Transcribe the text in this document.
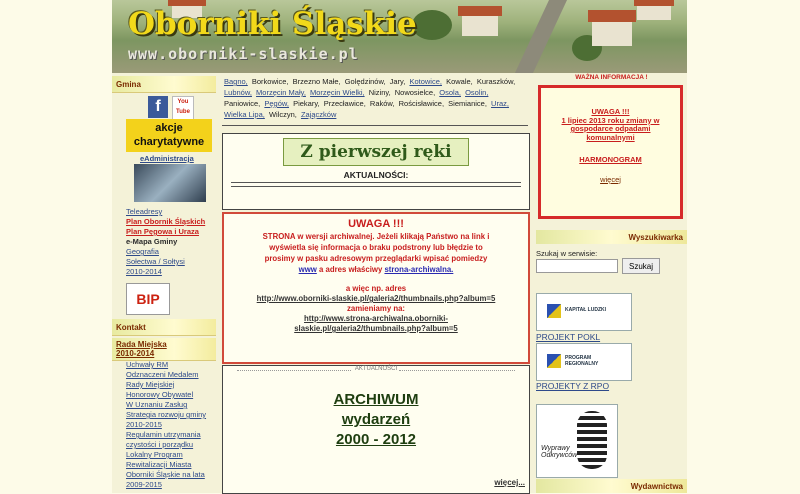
Oborniki Śląskie
www.oborniki-slaskie.pl
Gmina
f	You Tube
akcje
charytatywne
eAdministracja
Teleadresy
Plan Obornik Śląskich
Plan Pęgowa i Uraza
e-Mapa Gminy
Geografia
Sołectwa / Sołtysi
2010-2014
BIP
Kontakt
Rada Miejska
2010-2014
Uchwały RM
Odznaczeni Medalem
Rady Miejskiej
Honorowy Obywatel
W Uznaniu Zasług
Strategia rozwoju gminy
2010-2015
Regulamin utrzymania
czystości i porządku
Lokalny Program
Rewitalizacji Miasta
Oborniki Śląskie na lata
2009-2015
Bagno, Borkowice, Brzezno Małe, Golędzinów, Jary, Kotowice, Kowale, Kuraszków, Lubnów, Morzęcin Mały, Morzęcin Wielki, Niziny, Nowosielce, Osola, Osolin, Paniowice, Pęgów, Piekary, Przecławice, Raków, Rościsławice, Siemianice, Uraz, Wielka Lipa, Wilczyn, Zajączków
Z pierwszej ręki
AKTUALNOŚCI:
UWAGA !!!
STRONA w wersji archiwalnej. Jeżeli klikają Państwo na link i
wyświetla się informacja o braku podstrony lub błędzie to
prosimy w pasku adresowym przeglądarki wpisać pomiedzy
www a adres właściwy strona-archiwalna.
a więc np. adres
http://www.oborniki-slaskie.pl/galeria2/thumbnails.php?album=5
zamieniamy na:
http://www.strona-archiwalna.oborniki-
slaskie.pl/galeria2/thumbnails.php?album=5
AKTUALNOŚCI
ARCHIWUM
wydarzeń
2000 - 2012
więcej...
WAŻNA INFORMACJA !
UWAGA !!!
1 lipiec 2013 roku zmiany w
gospodarce odpadami
komunalnymi
HARMONOGRAM
więcej
Wyszukiwarka
Szukaj w serwisie:
Szukaj
KAPITAŁ LUDZKI
PROJEKT POKL
PROGRAM REGIONALNY
PROJEKTY Z RPO
Wyprawy Odkrywców
Wydawnictwa
